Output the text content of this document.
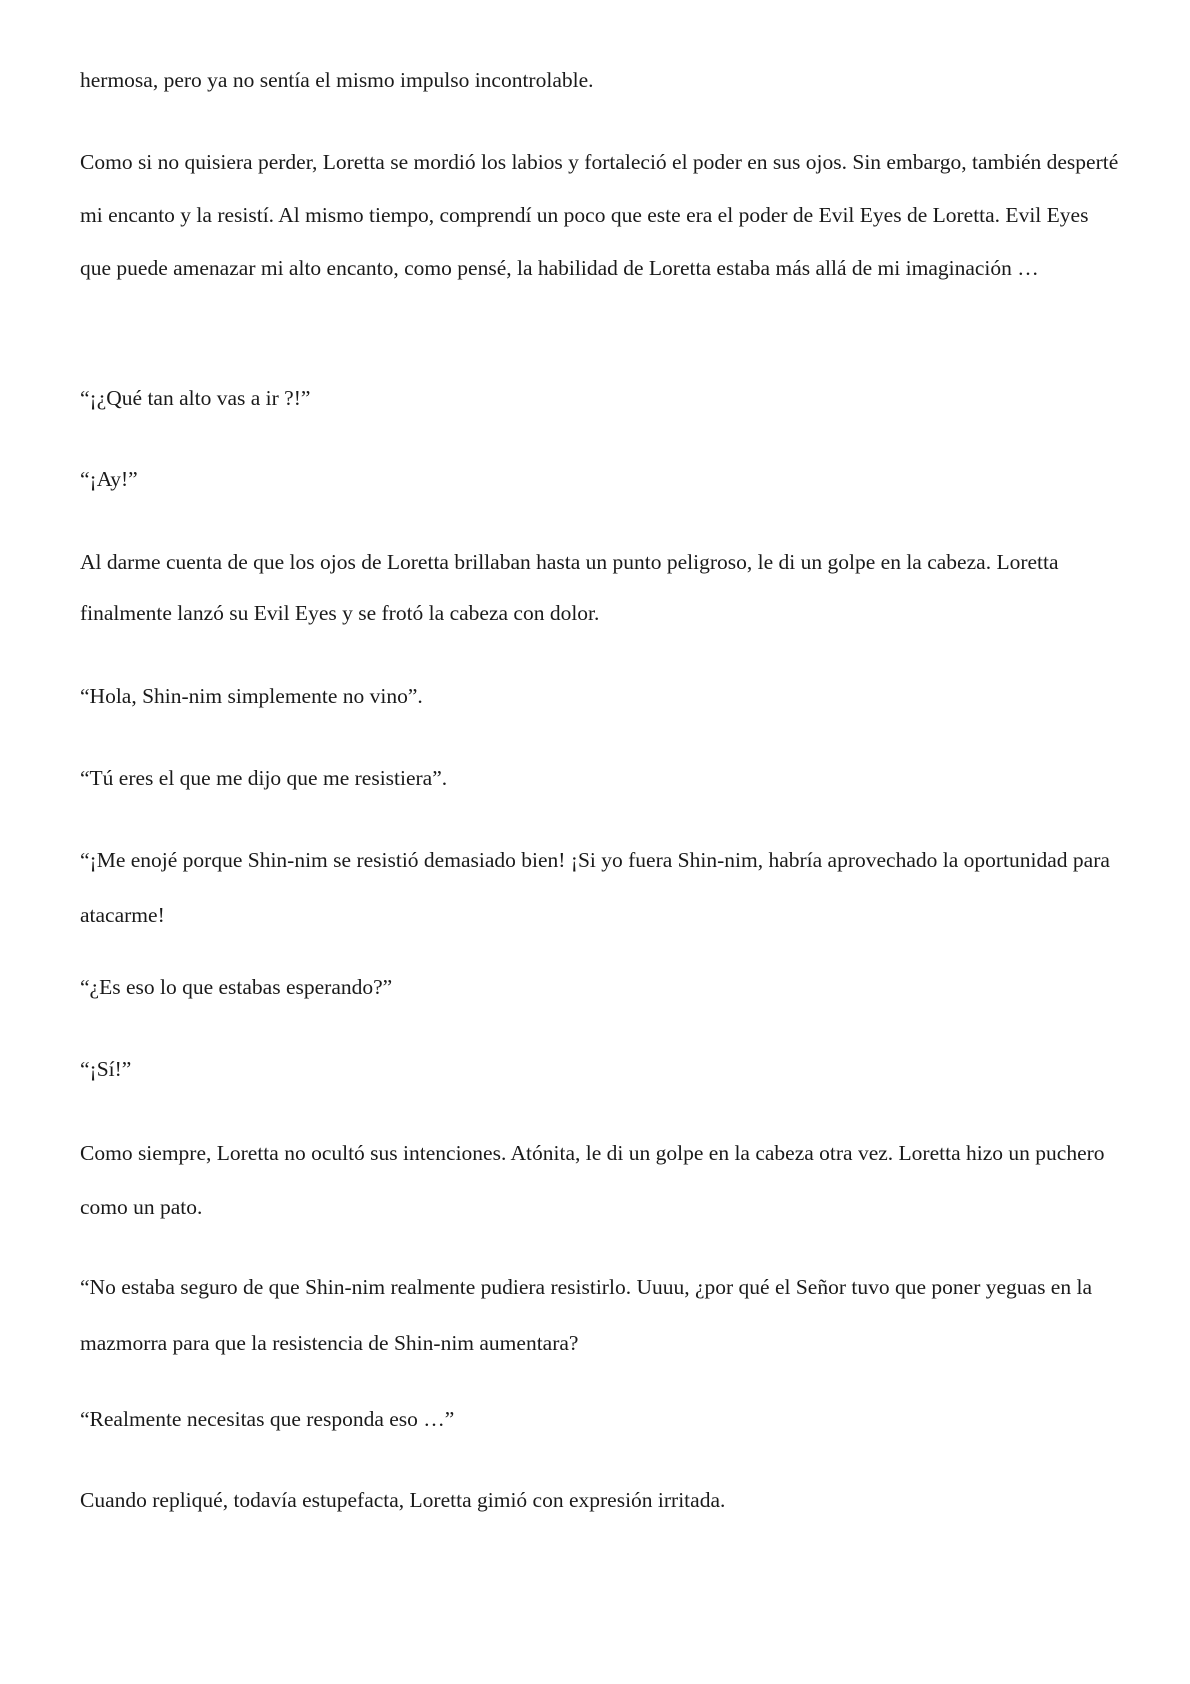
hermosa, pero ya no sentía el mismo impulso incontrolable.

Como si no quisiera perder, Loretta se mordió los labios y fortaleció el poder en sus ojos. Sin embargo, también desperté mi encanto y la resistí. Al mismo tiempo, comprendí un poco que este era el poder de Evil Eyes de Loretta. Evil Eyes que puede amenazar mi alto encanto, como pensé, la habilidad de Loretta estaba más allá de mi imaginación …

“¡¿Qué tan alto vas a ir ?!”

“¡Ay!”

Al darme cuenta de que los ojos de Loretta brillaban hasta un punto peligroso, le di un golpe en la cabeza. Loretta finalmente lanzó su Evil Eyes y se frotó la cabeza con dolor.

“Hola, Shin-nim simplemente no vino”.

“Tú eres el que me dijo que me resistiera”.

“¡Me enojé porque Shin-nim se resistió demasiado bien! ¡Si yo fuera Shin-nim, habría aprovechado la oportunidad para atacarme!

“¿Es eso lo que estabas esperando?”

“¡Sí!”

Como siempre, Loretta no ocultó sus intenciones. Atónita, le di un golpe en la cabeza otra vez. Loretta hizo un puchero como un pato.

“No estaba seguro de que Shin-nim realmente pudiera resistirlo. Uuuu, ¿por qué el Señor tuvo que poner yeguas en la mazmorra para que la resistencia de Shin-nim aumentara?

“Realmente necesitas que responda eso …”

Cuando repliqué, todavía estupefacta, Loretta gimió con expresión irritada.
